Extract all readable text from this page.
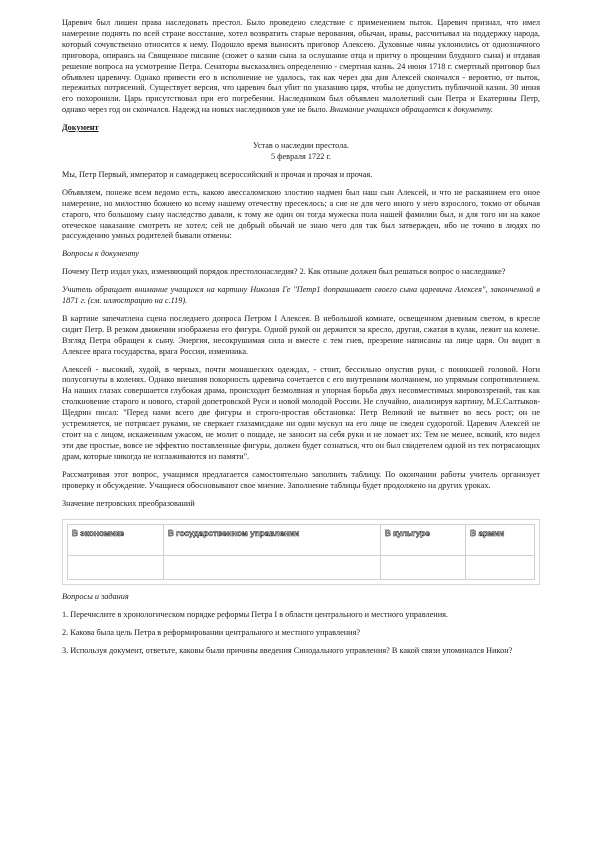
Царевич был лишен права наследовать престол. Было проведено следствие с применением пыток. Царевич признал, что имел намерение поднять по всей стране восстание, хотел возвратить старые верования, обычаи, нравы, рассчитывал на поддержку народа, который сочувственно относится к нему. Подошло время выносить приговор Алексею. Духовные чины уклонились от однозначного приговора, опираясь на Священное писание (сюжет о казни сына за ослушание отца и притчу о прощении блудного сына) и отдавая решение вопроса на усмотрение Петра. Сенаторы высказались определенно - смертная казнь. 24 июня 1718 г. смертный приговор был объявлен царевичу. Однако привести его в исполнение не удалось, так как через два дня Алексей скончался - вероятно, от пыток, пережитых потрясений. Существует версия, что царевич был убит по указанию царя, чтобы не допустить публичной казни. 30 июня его похоронили. Царь присутствовал при его погребении. Наследником был объявлен малолетний сын Петра и Екатерины Петр, однако через год он скончался. Надежд на новых наследников уже не было. Внимание учащихся обращается к документу.

Документ

Устав о наследии престола.

5 февраля 1722 г.

Мы, Петр Первый, император и самодержец всероссийский и прочая и прочая и прочая.

Объявляем, понеже всем ведомо есть, какою авессаломскою злостию надмен был наш сын Алексей, и что не раскаянием его оное намерение, но милостию божиею ко всему нашему отечеству пресеклось; а сие не для чего иного у него взрослого, токмо от обычая старого, что большому сыну наследство давали, к тому же один он тогда мужеска пола нашей фамилии был, и для того ни на какое отеческое наказание смотреть не хотел; сей не добрый обычай не знаю чего для так был затвержден, ибо не точию в людях по рассуждению умных родителей бывали отмены:

Вопросы к документу

Почему Петр издал указ, изменяющий порядок престолонаследия? 2. Как отныне должен был решаться вопрос о наследнике?

Учитель обращает внимание учащихся на картину Николая Ге "Петр1 допрашивает своего сына царевича Алексея", законченной в 1871 г. (см. иллюстрацию на с.119).

В картине запечатлена сцена последнего допроса Петром I Алексея. В небольшой комнате, освещенном дневным светом, в кресле сидит Петр. В резком движении изображена его фигура. Одной рукой он держится за кресло, другая, сжатая в кулак, лежит на колене. Взгляд Петра обращен к сыну. Энергия, несокрушимая сила и вместе с тем гнев, презрение написаны на лице царя. Он видит в Алексее врага государства, врага России, изменника.

Алексей - высокий, худой, в черных, почти монашеских одеждах, - стоит, бессильно опустив руки, с поникшей головой. Ноги полусогнуты в коленях. Однако внешняя покорность царевича сочетается с его внутренним молчанием, но упрямым сопротивлением. На наших глазах совершается глубокая драма, происходит безмолвная и упорная борьба двух несовместимых мировоззрений, так как столкновение старого и нового, старой допетровской Руси и новой молодой России. Не случайно, анализируя картину, М.Е.Салтыков-Щедрин писал: "Перед нами всего две фигуры и строго-простая обстановка: Петр Великий не вытянет во весь рост; он не устремляется, не потрясает руками, не сверкает глазами;даже ни один мускул на его лице не сведен судорогой. Царевич Алексей не стоит на с лицом, искаженным ужасом, не молит о пощаде, не заносит на себя руки и не ломает их: Тем не менее, всякий, кто видел эти две простые, вовсе не эффектно поставленные фигуры, должен будет сознаться, что он был свидетелем одной из тех потрясающих драм, которые никогда не изглаживаются из памяти".

Рассматривая этот вопрос, учащимся предлагается самостоятельно заполнить таблицу. По окончании работы учитель организует проверку и обсуждение. Учащиеся обосновывают свое мнение. Заполнение таблицы будет продолжено на других уроках.

Значение петровских преобразований

В экономике	В государственном управлении	В культуре	В армии

Вопросы и задания

1. Перечислите в хронологическом порядке реформы Петра I в области центрального и местного управления.

2. Какова была цель Петра в реформировании центрального и местного управления?

3. Используя документ, ответьте, каковы были причины введения Синодального управления? В какой связи упоминался Никон?
